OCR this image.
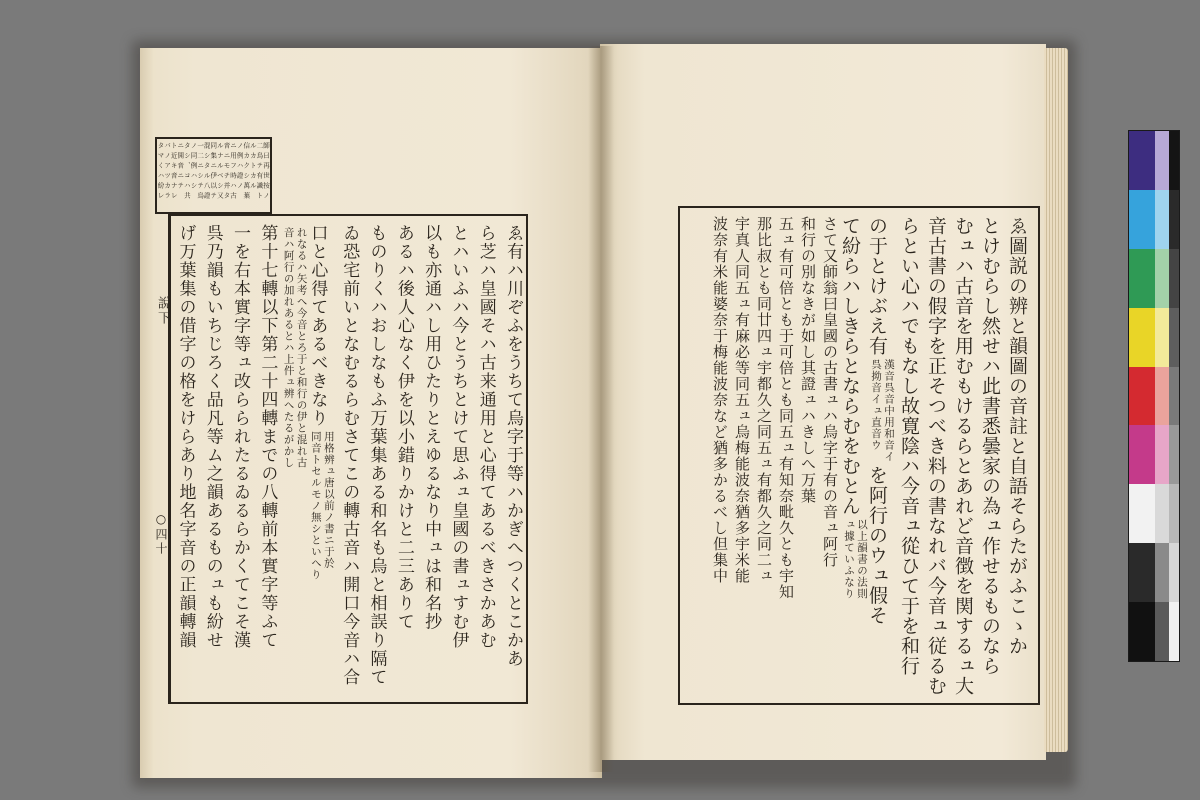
說下
○四十
師曰再世按ノ
二鳥テ有識ト
ルカトカル
信カクシ萬葉
ノ例ハ證ノ
ニ用フ時ハ古
音ニモチ并タ
ルナルベシ又
同集ニ伊以テ
混シタル八證
一二ニシテ鳥
ノ同例ハシ
タシ、コハ共
ニ開音ニテ
ト近キ音ナレ
バノアツカラ
タマくハ紛レ
ゑ有ハ川ぞふをうちて烏字于等ハかぎへつくとこかあ
ら芝ハ皇國そハ古来通用と心得てあるべきさかあむ
とハいふハ今とうちとけて思ふュ皇國の書ュすむ伊
以も亦通ハし用ひたりとえゆるなり中ュは和名抄
あるハ後人心なく伊を以小錯りかけと二三ありて
ものりくハおしなもふ万葉集ある和名も烏と相誤り隔て
ゐ恐宅前いとなむるらむさてこの轉古音ハ開口今音ハ合
口と心得てあるべきなり
用格辨ュ唐以前ノ書ニ于於
同音トセルモノ無シといへり
れなるハ矢考へ今音とろ于と和行の伊と混れ古
音ハ阿行の加れあるとハ上件ュ辨へたるがかし
第十七轉以下第二十四轉までの八轉前本實字等ふて
一を右本實字等ュ改らられたるゐるらかくてこそ漢
呉乃韻もいちじろく品凡等ム之韻あるものュも紛せ
げ万葉集の借字の格をけらあり地名字音の正韻轉韻	ゑ圖説の辨と韻圖の音註と自語そらたがふこゝか
とけむらし然せハ此書悉曇家の為ュ作せるものなら
むュハ古音を用むもけるらとあれど音徴を関するュ大
音古書の假字を正そつべき料の書なれバ今音ュ従るむ
らとい心ハでもなし故寛陰ハ今音ュ從ひて于を和行
の于とけぶえ有
漢音呉音中用和音イ
呉拗音イュ直音ウ
を阿行のウュ假そ
て紛らハしきらとならむをむとん
以上韻書の法則
ュ據ていふなり
さて又師翁曰皇國の古書ュハ烏字于有の音ュ阿行
和行の別なきが如し其證ュハきしへ万葉
五ュ有可倍とも于可倍とも同五ュ有知奈毗久とも宇知
那比叔とも同廿四ュ宇都久之同五ュ有都久之同二ュ
宇真人同五ュ有麻必等同五ュ烏梅能波奈猶多宇米能
波奈有米能婆奈于梅能波奈など猶多かるべし但集中
